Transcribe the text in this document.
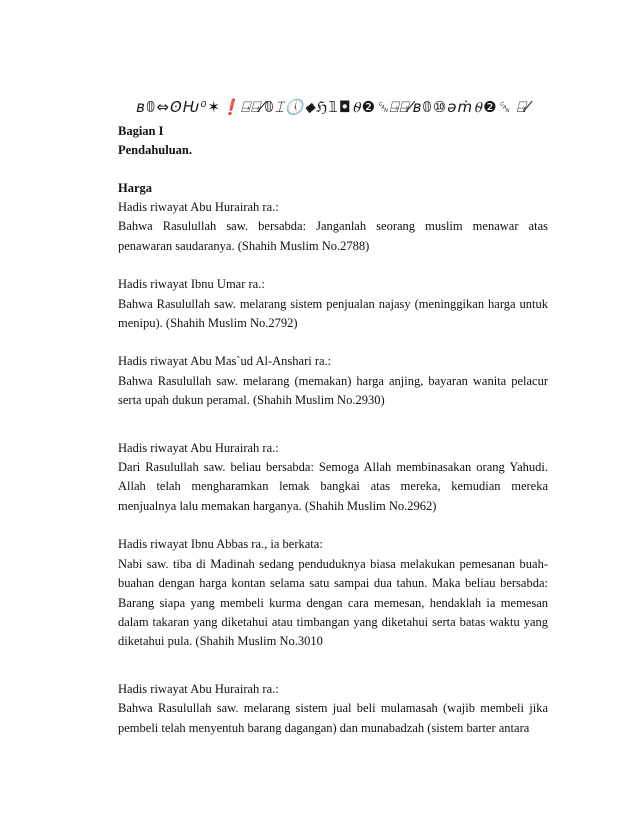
ʙ𝟘⇔ʘǶ⁰✶❗⍈⍈⁄𝟘⌶🕔⬥ℌ𝟙◘⍬❷␘⍈⍈⁄ʙ𝟘⑩ǝṁ⍬❷␘ ⍈⁄

Bagian I

Pendahuluan.

Harga

Hadis riwayat Abu Hurairah ra.:

Bahwa Rasulullah saw. bersabda: Janganlah seorang muslim menawar atas penawaran saudaranya. (Shahih Muslim No.2788)

Hadis riwayat Ibnu Umar ra.:

Bahwa Rasulullah saw. melarang sistem penjualan najasy (meninggikan harga untuk menipu). (Shahih Muslim No.2792)

Hadis riwayat Abu Mas`ud Al-Anshari ra.:

Bahwa Rasulullah saw. melarang (memakan) harga anjing, bayaran wanita pelacur serta upah dukun peramal. (Shahih Muslim No.2930)

Hadis riwayat Abu Hurairah ra.:

Dari Rasulullah saw. beliau bersabda: Semoga Allah membinasakan orang Yahudi. Allah telah mengharamkan lemak bangkai atas mereka, kemudian mereka menjualnya lalu memakan harganya. (Shahih Muslim No.2962)

Hadis riwayat Ibnu Abbas ra., ia berkata:

Nabi saw. tiba di Madinah sedang penduduknya biasa melakukan pemesanan buah-buahan dengan harga kontan selama satu sampai dua tahun. Maka beliau bersabda: Barang siapa yang membeli kurma dengan cara memesan, hendaklah ia memesan dalam takaran yang diketahui atau timbangan yang diketahui serta batas waktu yang diketahui pula. (Shahih Muslim No.3010

Hadis riwayat Abu Hurairah ra.:

Bahwa Rasulullah saw. melarang sistem jual beli mulamasah (wajib membeli jika pembeli telah menyentuh barang dagangan) dan munabadzah (sistem barter antara
